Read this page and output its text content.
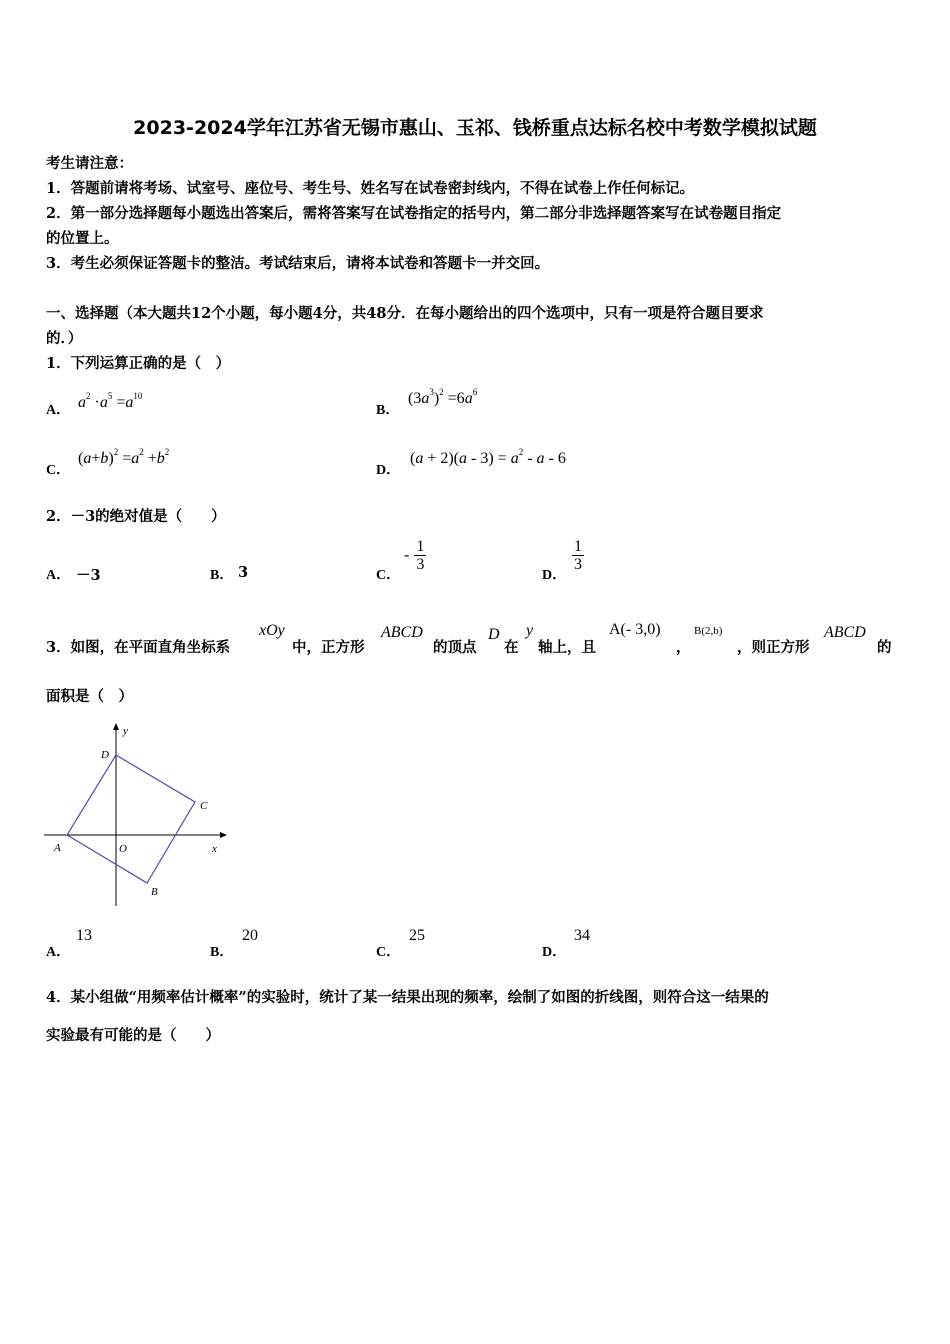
2023-2024学年江苏省无锡市惠山、玉祁、钱桥重点达标名校中考数学模拟试题
考生请注意：
1．答题前请将考场、试室号、座位号、考生号、姓名写在试卷密封线内，不得在试卷上作任何标记。
2．第一部分选择题每小题选出答案后，需将答案写在试卷指定的括号内，第二部分非选择题答案写在试卷题目指定
的位置上。
3．考生必须保证答题卡的整洁。考试结束后，请将本试卷和答题卡一并交回。
一、选择题（本大题共12个小题，每小题4分，共48分．在每小题给出的四个选项中，只有一项是符合题目要求
的．）
1．下列运算正确的是（　）
A． $a^2 \cdot a^5 =a^{10}$
B．
$(3a^3)^2 =6a^6$
C．
$(a+b)^2 =a^2 +b^2$
D．
$(a + 2)(a - 3) = a^2 - a - 6$
2．－3的绝对值是（　　）
A． －3	B． 3	C．
- $\frac{1}{3}$
D．
$\frac{1}{3}$
3．如图，在平面直角坐标系
xOy
中，正方形
ABCD
的顶点
D
在
y
轴上，且
A(- 3,0)
，
B(2,b)
，则正方形
ABCD
的
面积是（　）
y
x
O
A
B
C
D
A．
13
B．
20
C．
25
D．
34
4．某小组做“用频率估计概率”的实验时，统计了某一结果出现的频率，绘制了如图的折线图，则符合这一结果的
实验最有可能的是（　　）
